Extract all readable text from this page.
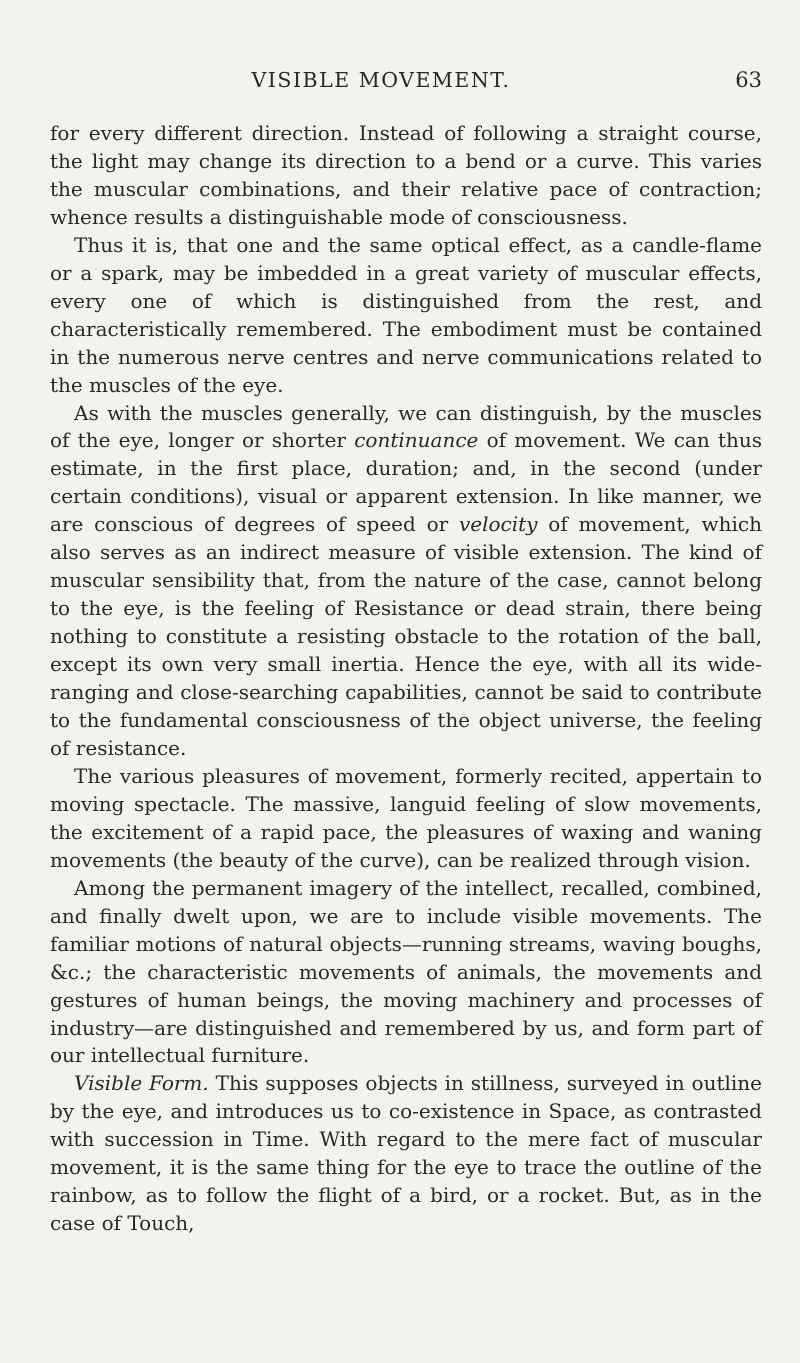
VISIBLE MOVEMENT.	63

for every different direction. Instead of following a straight course, the light may change its direction to a bend or a curve. This varies the muscular combinations, and their relative pace of contraction; whence results a distinguishable mode of consciousness.

Thus it is, that one and the same optical effect, as a candle-flame or a spark, may be imbedded in a great variety of muscular effects, every one of which is distinguished from the rest, and characteristically remembered. The embodiment must be contained in the numerous nerve centres and nerve communications related to the muscles of the eye.

As with the muscles generally, we can distinguish, by the muscles of the eye, longer or shorter continuance of movement. We can thus estimate, in the first place, duration; and, in the second (under certain conditions), visual or apparent extension. In like manner, we are conscious of degrees of speed or velocity of movement, which also serves as an indirect measure of visible extension. The kind of muscular sensibility that, from the nature of the case, cannot belong to the eye, is the feeling of Resistance or dead strain, there being nothing to constitute a resisting obstacle to the rotation of the ball, except its own very small inertia. Hence the eye, with all its wide-ranging and close-searching capabilities, cannot be said to contribute to the fundamental consciousness of the object universe, the feeling of resistance.

The various pleasures of movement, formerly recited, appertain to moving spectacle. The massive, languid feeling of slow movements, the excitement of a rapid pace, the pleasures of waxing and waning movements (the beauty of the curve), can be realized through vision.

Among the permanent imagery of the intellect, recalled, combined, and finally dwelt upon, we are to include visible movements. The familiar motions of natural objects—running streams, waving boughs, &c.; the characteristic movements of animals, the movements and gestures of human beings, the moving machinery and processes of industry—are distinguished and remembered by us, and form part of our intellectual furniture.

Visible Form. This supposes objects in stillness, surveyed in outline by the eye, and introduces us to co-existence in Space, as contrasted with succession in Time. With regard to the mere fact of muscular movement, it is the same thing for the eye to trace the outline of the rainbow, as to follow the flight of a bird, or a rocket. But, as in the case of Touch,
